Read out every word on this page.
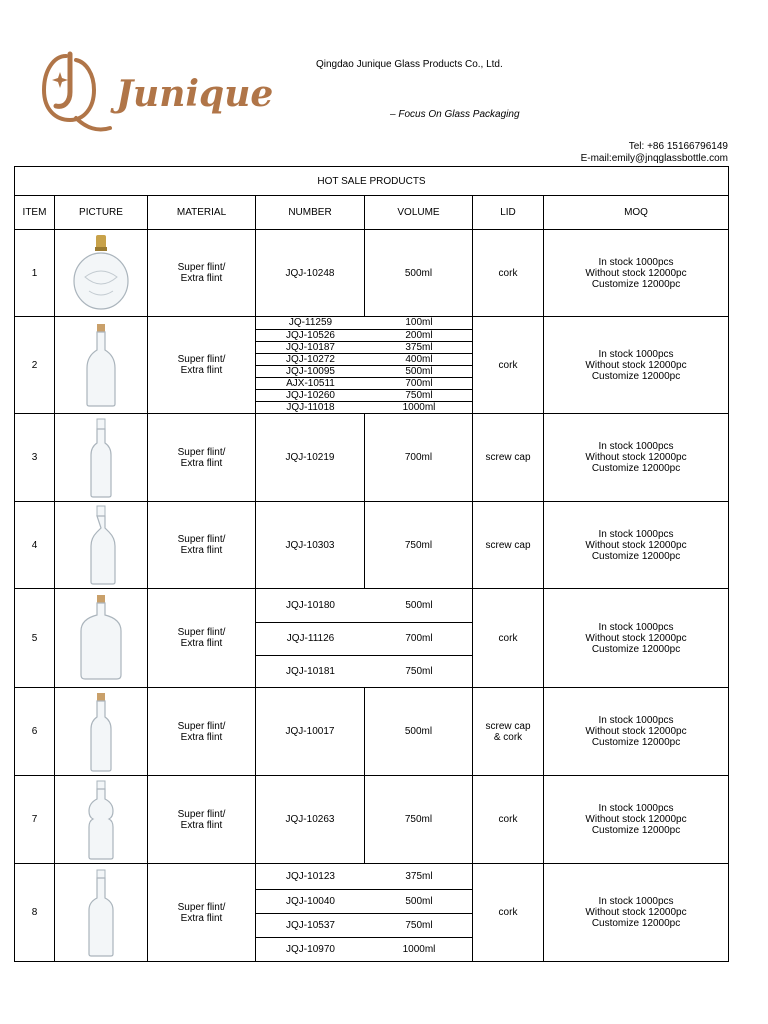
Junique
Qingdao Junique Glass Products Co., Ltd.
– Focus On Glass Packaging
Tel: +86 15166796149
E-mail:emily@jnqglassbottle.com
HOT SALE PRODUCTS
ITEM	PICTURE	MATERIAL	NUMBER	VOLUME	LID	MOQ
1		Super flint/
Extra flint	JQJ-10248	500ml	cork	In stock 1000pcs
Without stock 12000pc
Customize 12000pc
2		Super flint/
Extra flint	
JQ-11259	100ml
JQJ-10526	200ml
JQJ-10187	375ml
JQJ-10272	400ml
JQJ-10095	500ml
AJX-10511	700ml
JQJ-10260	750ml
JQJ-11018	1000ml
	cork	In stock 1000pcs
Without stock 12000pc
Customize 12000pc
3		Super flint/
Extra flint	JQJ-10219	700ml	screw cap	In stock 1000pcs
Without stock 12000pc
Customize 12000pc
4		Super flint/
Extra flint	JQJ-10303	750ml	screw cap	In stock 1000pcs
Without stock 12000pc
Customize 12000pc
5		Super flint/
Extra flint	
JQJ-10180	500ml
JQJ-11126	700ml
JQJ-10181	750ml
	cork	In stock 1000pcs
Without stock 12000pc
Customize 12000pc
6		Super flint/
Extra flint	JQJ-10017	500ml	screw cap
& cork	In stock 1000pcs
Without stock 12000pc
Customize 12000pc
7		Super flint/
Extra flint	JQJ-10263	750ml	cork	In stock 1000pcs
Without stock 12000pc
Customize 12000pc
8		Super flint/
Extra flint	
JQJ-10123	375ml
JQJ-10040	500ml
JQJ-10537	750ml
JQJ-10970	1000ml
	cork	In stock 1000pcs
Without stock 12000pc
Customize 12000pc
